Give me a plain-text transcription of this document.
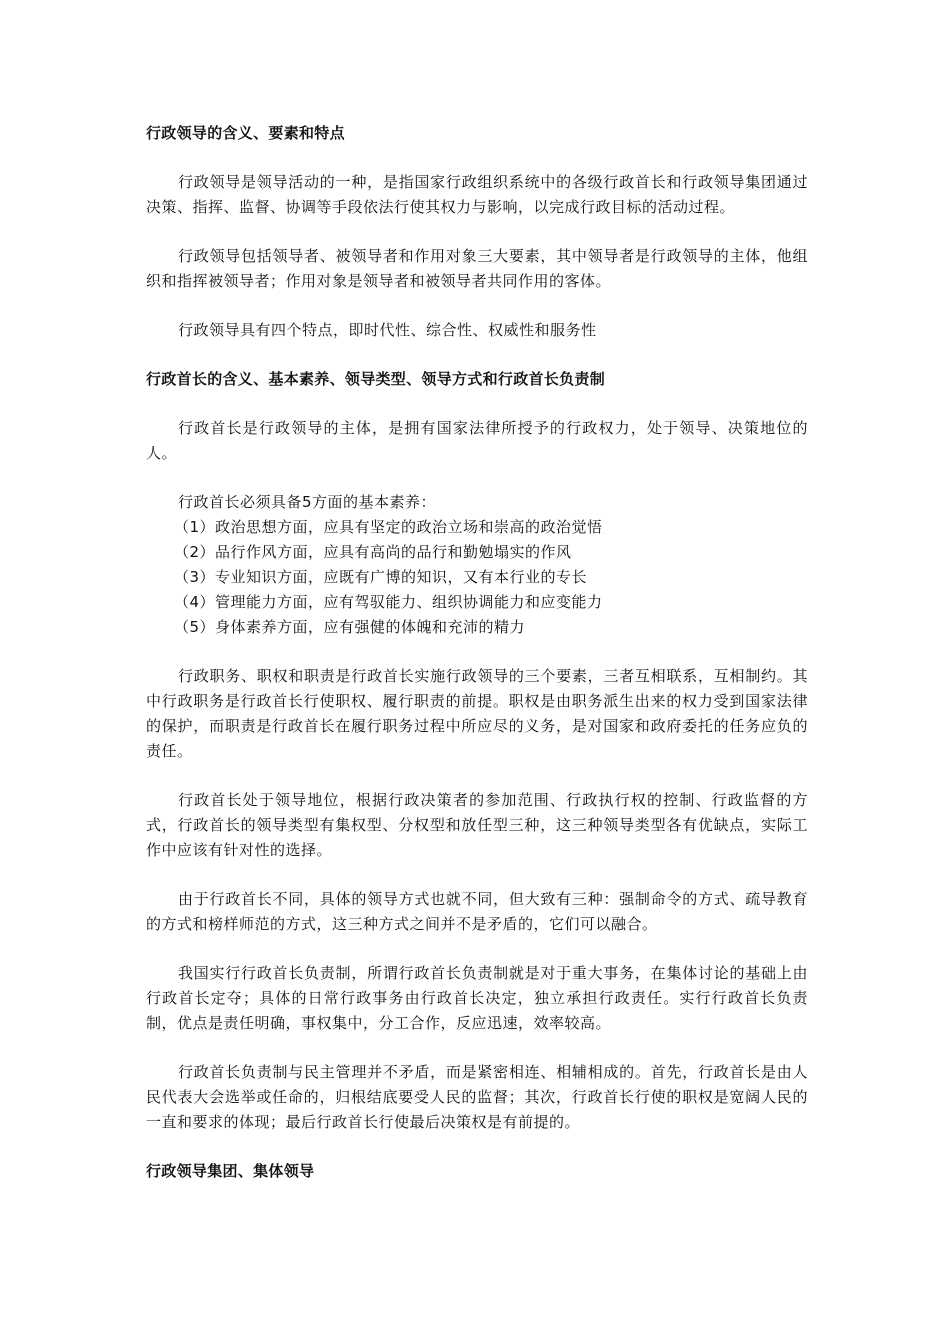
行政领导的含义、要素和特点

行政领导是领导活动的一种，是指国家行政组织系统中的各级行政首长和行政领导集团通过决策、指挥、监督、协调等手段依法行使其权力与影响，以完成行政目标的活动过程。

行政领导包括领导者、被领导者和作用对象三大要素，其中领导者是行政领导的主体，他组织和指挥被领导者；作用对象是领导者和被领导者共同作用的客体。

行政领导具有四个特点，即时代性、综合性、权威性和服务性

行政首长的含义、基本素养、领导类型、领导方式和行政首长负责制

行政首长是行政领导的主体，是拥有国家法律所授予的行政权力，处于领导、决策地位的人。

行政首长必须具备5方面的基本素养：

（1）政治思想方面，应具有坚定的政治立场和崇高的政治觉悟
（2）品行作风方面，应具有高尚的品行和勤勉塌实的作风
（3）专业知识方面，应既有广博的知识，又有本行业的专长
（4）管理能力方面，应有驾驭能力、组织协调能力和应变能力
（5）身体素养方面，应有强健的体魄和充沛的精力

行政职务、职权和职责是行政首长实施行政领导的三个要素，三者互相联系，互相制约。其中行政职务是行政首长行使职权、履行职责的前提。职权是由职务派生出来的权力受到国家法律的保护，而职责是行政首长在履行职务过程中所应尽的义务，是对国家和政府委托的任务应负的责任。

行政首长处于领导地位，根据行政决策者的参加范围、行政执行权的控制、行政监督的方式，行政首长的领导类型有集权型、分权型和放任型三种，这三种领导类型各有优缺点，实际工作中应该有针对性的选择。

由于行政首长不同，具体的领导方式也就不同，但大致有三种：强制命令的方式、疏导教育的方式和榜样师范的方式，这三种方式之间并不是矛盾的，它们可以融合。

我国实行行政首长负责制，所谓行政首长负责制就是对于重大事务，在集体讨论的基础上由行政首长定夺；具体的日常行政事务由行政首长决定，独立承担行政责任。实行行政首长负责制，优点是责任明确，事权集中，分工合作，反应迅速，效率较高。

行政首长负责制与民主管理并不矛盾，而是紧密相连、相辅相成的。首先，行政首长是由人民代表大会选举或任命的，归根结底要受人民的监督；其次，行政首长行使的职权是宽阔人民的一直和要求的体现；最后行政首长行使最后决策权是有前提的。

行政领导集团、集体领导
